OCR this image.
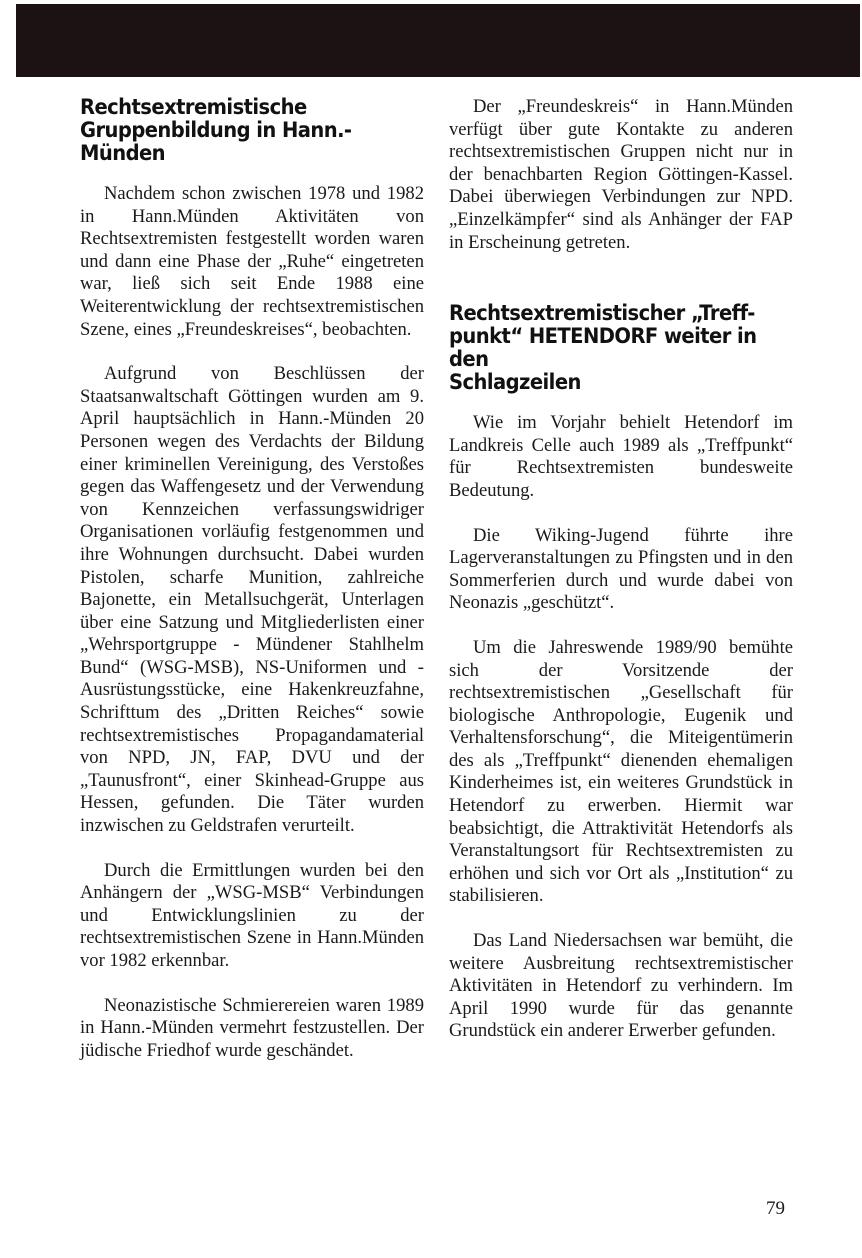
Rechtsextremistische
Gruppenbildung in Hann.-Münden

Nachdem schon zwischen 1978 und 1982 in Hann.Münden Aktivitäten von Rechtsextremisten festgestellt worden waren und dann eine Phase der „Ruhe“ eingetreten war, ließ sich seit Ende 1988 eine Weiterentwicklung der rechtsextremistischen Szene, eines „Freundeskreises“, beobachten.

Aufgrund von Beschlüssen der Staatsanwaltschaft Göttingen wurden am 9. April hauptsächlich in Hann.-Münden 20 Personen wegen des Verdachts der Bildung einer kriminellen Vereinigung, des Verstoßes gegen das Waffengesetz und der Verwendung von Kennzeichen verfassungswidriger Organisationen vorläufig festgenommen und ihre Wohnungen durchsucht. Dabei wurden Pistolen, scharfe Munition, zahlreiche Bajonette, ein Metallsuchgerät, Unterlagen über eine Satzung und Mitgliederlisten einer „Wehrsportgruppe - Mündener Stahlhelm Bund“ (WSG-MSB), NS-Uniformen und -Ausrüstungsstücke, eine Hakenkreuzfahne, Schrifttum des „Dritten Reiches“ sowie rechtsextremistisches Propagandamaterial von NPD, JN, FAP, DVU und der „Taunusfront“, einer Skinhead-Gruppe aus Hessen, gefunden. Die Täter wurden inzwischen zu Geldstrafen verurteilt.

Durch die Ermittlungen wurden bei den Anhängern der „WSG-MSB“ Verbindungen und Entwicklungslinien zu der rechtsextremistischen Szene in Hann.Münden vor 1982 erkennbar.

Neonazistische Schmierereien waren 1989 in Hann.-Münden vermehrt festzustellen. Der jüdische Friedhof wurde geschändet.

Der „Freundeskreis“ in Hann.Münden verfügt über gute Kontakte zu anderen rechtsextremistischen Gruppen nicht nur in der benachbarten Region Göttingen-Kassel. Dabei überwiegen Verbindungen zur NPD. „Einzelkämpfer“ sind als Anhänger der FAP in Erscheinung getreten.

Rechtsextremistischer „Treff-
punkt“ HETENDORF weiter in den
Schlagzeilen

Wie im Vorjahr behielt Hetendorf im Landkreis Celle auch 1989 als „Treffpunkt“ für Rechtsextremisten bundesweite Bedeutung.

Die Wiking-Jugend führte ihre Lagerveranstaltungen zu Pfingsten und in den Sommerferien durch und wurde dabei von Neonazis „geschützt“.

Um die Jahreswende 1989/90 bemühte sich der Vorsitzende der rechtsextremistischen „Gesellschaft für biologische Anthropologie, Eugenik und Verhaltensforschung“, die Miteigentümerin des als „Treffpunkt“ dienenden ehemaligen Kinderheimes ist, ein weiteres Grundstück in Hetendorf zu erwerben. Hiermit war beabsichtigt, die Attraktivität Hetendorfs als Veranstaltungsort für Rechtsextremisten zu erhöhen und sich vor Ort als „Institution“ zu stabilisieren.

Das Land Niedersachsen war bemüht, die weitere Ausbreitung rechtsextremistischer Aktivitäten in Hetendorf zu verhindern. Im April 1990 wurde für das genannte Grundstück ein anderer Erwerber gefunden.

79
